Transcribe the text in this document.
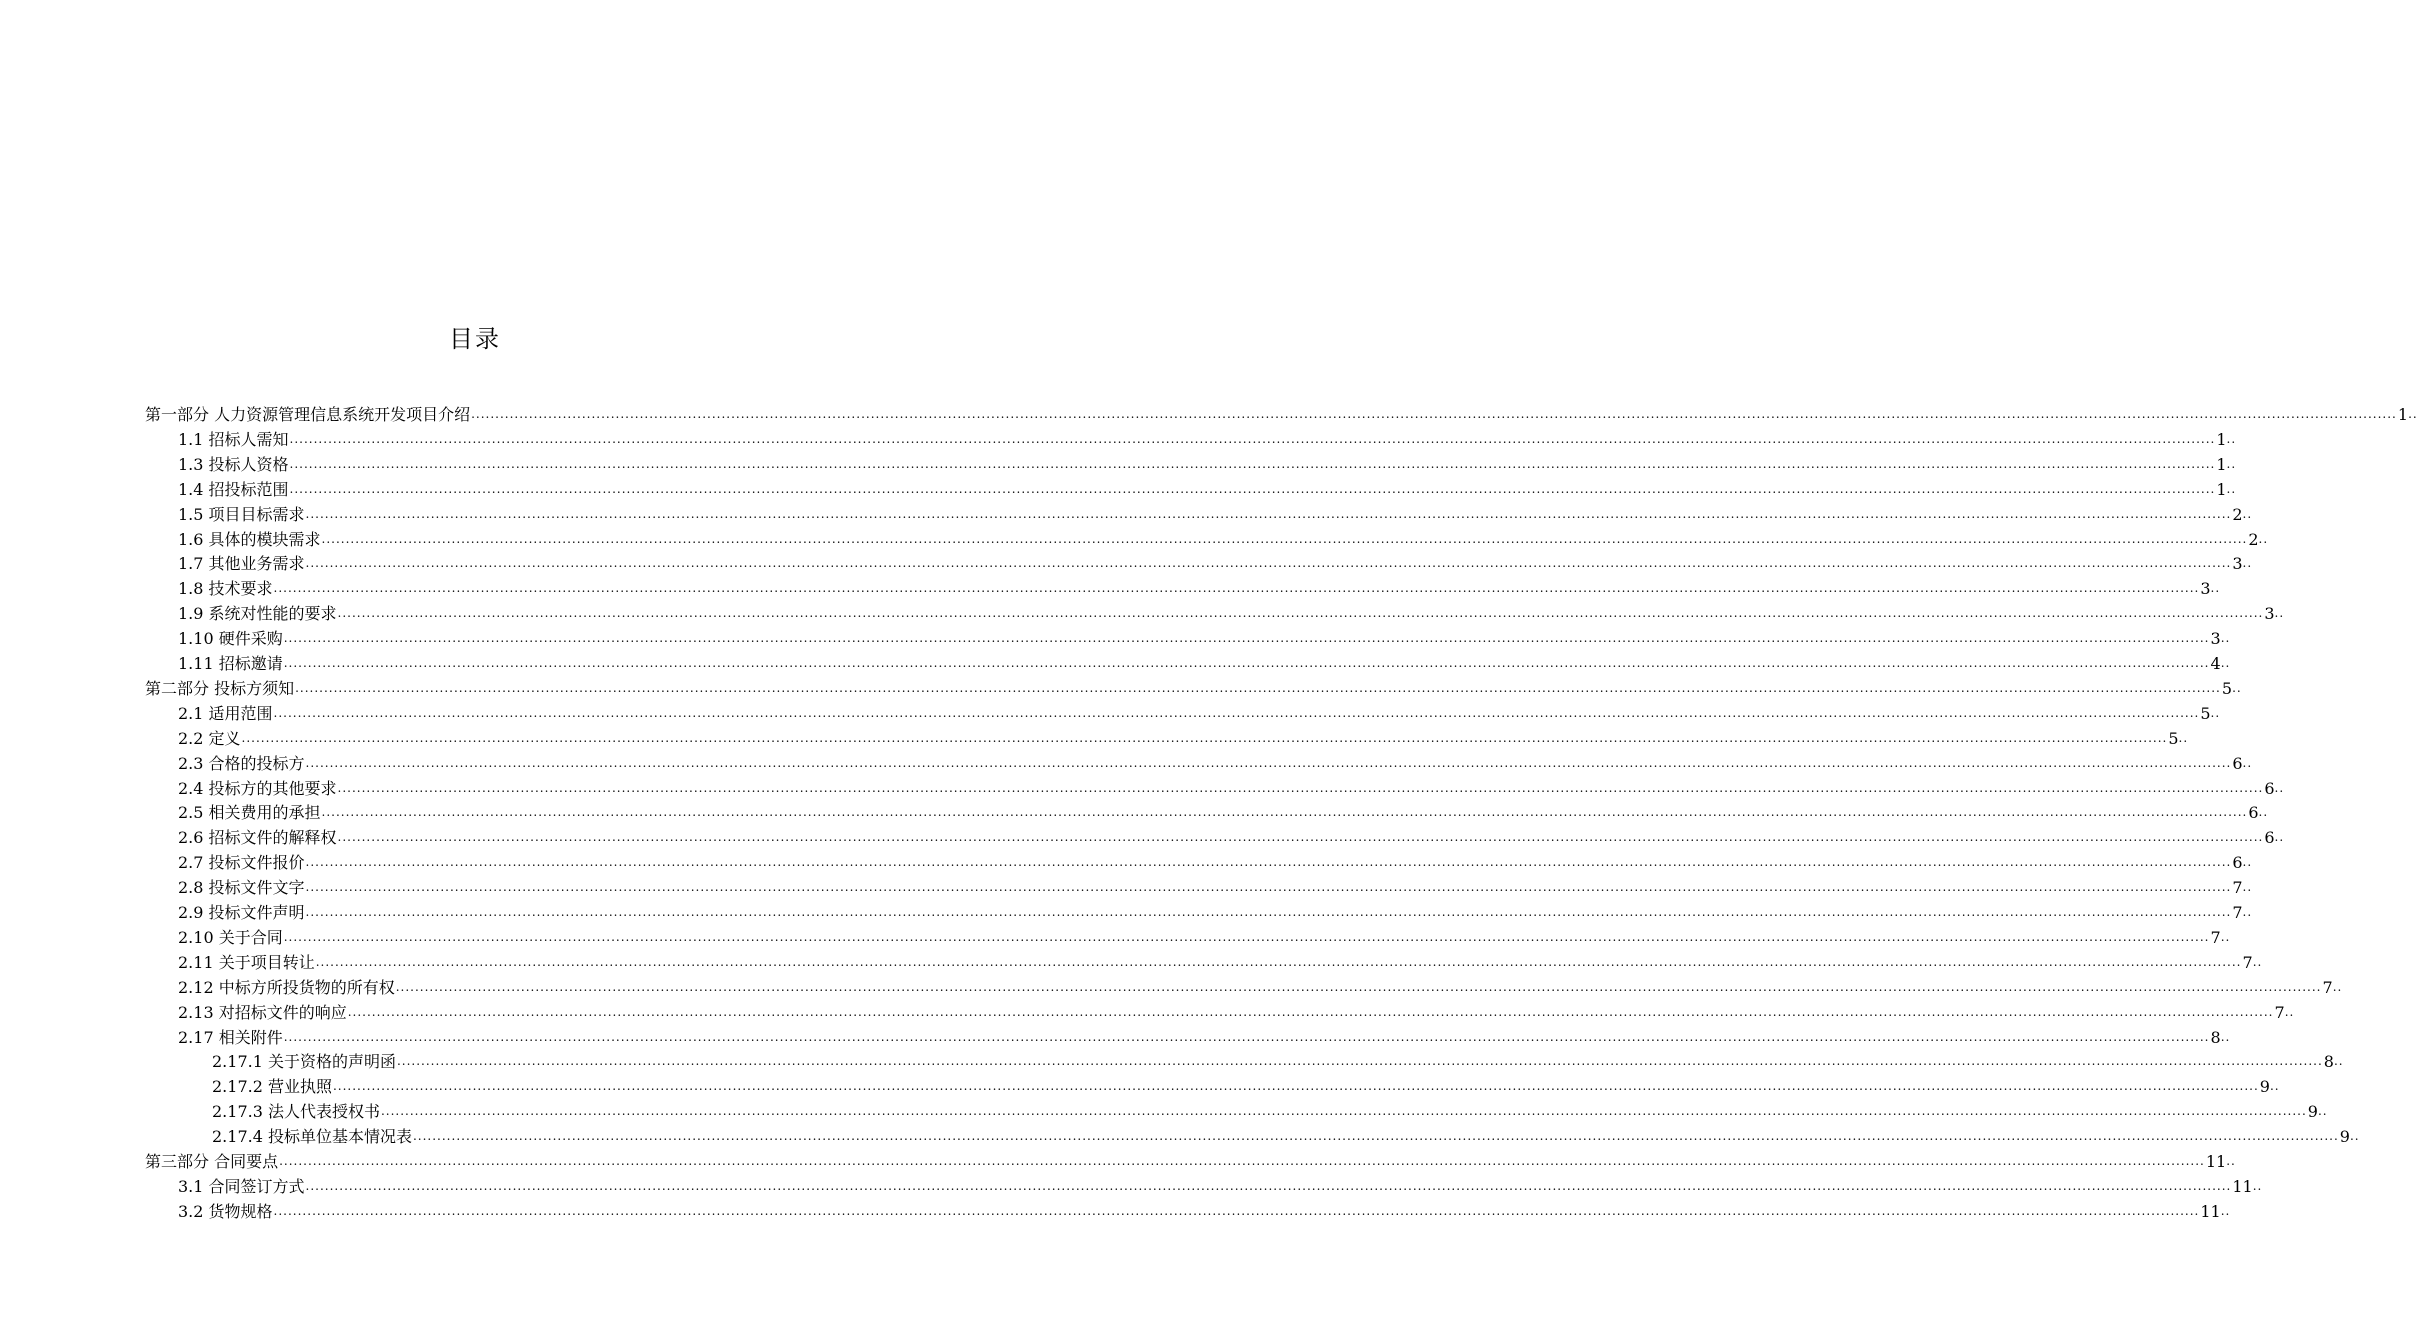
目录
第一部分 人力资源管理信息系统开发项目介绍 ................................................................................................................................................................................................................................................................................................................................................................................................................ 1 ..
1.1 招标人需知 ................................................................................................................................................................................................................................................................................................................................................................................................................ 1 ..
1.3 投标人资格 ................................................................................................................................................................................................................................................................................................................................................................................................................ 1 ..
1.4 招投标范围 ................................................................................................................................................................................................................................................................................................................................................................................................................ 1 ..
1.5 项目目标需求 ................................................................................................................................................................................................................................................................................................................................................................................................................ 2 ..
1.6 具体的模块需求 ................................................................................................................................................................................................................................................................................................................................................................................................................ 2 ..
1.7 其他业务需求 ................................................................................................................................................................................................................................................................................................................................................................................................................ 3 ..
1.8 技术要求 ................................................................................................................................................................................................................................................................................................................................................................................................................ 3 ..
1.9 系统对性能的要求 ................................................................................................................................................................................................................................................................................................................................................................................................................ 3 ..
1.10 硬件采购 ................................................................................................................................................................................................................................................................................................................................................................................................................ 3 ..
1.11 招标邀请 ................................................................................................................................................................................................................................................................................................................................................................................................................ 4 ..
第二部分 投标方须知 ................................................................................................................................................................................................................................................................................................................................................................................................................ 5 ..
2.1 适用范围 ................................................................................................................................................................................................................................................................................................................................................................................................................ 5 ..
2.2 定义 ................................................................................................................................................................................................................................................................................................................................................................................................................ 5 ..
2.3 合格的投标方 ................................................................................................................................................................................................................................................................................................................................................................................................................ 6 ..
2.4 投标方的其他要求 ................................................................................................................................................................................................................................................................................................................................................................................................................ 6 ..
2.5 相关费用的承担 ................................................................................................................................................................................................................................................................................................................................................................................................................ 6 ..
2.6 招标文件的解释权 ................................................................................................................................................................................................................................................................................................................................................................................................................ 6 ..
2.7 投标文件报价 ................................................................................................................................................................................................................................................................................................................................................................................................................ 6 ..
2.8 投标文件文字 ................................................................................................................................................................................................................................................................................................................................................................................................................ 7 ..
2.9 投标文件声明 ................................................................................................................................................................................................................................................................................................................................................................................................................ 7 ..
2.10 关于合同 ................................................................................................................................................................................................................................................................................................................................................................................................................ 7 ..
2.11 关于项目转让 ................................................................................................................................................................................................................................................................................................................................................................................................................ 7 ..
2.12 中标方所投货物的所有权 ................................................................................................................................................................................................................................................................................................................................................................................................................ 7 ..
2.13 对招标文件的响应 ................................................................................................................................................................................................................................................................................................................................................................................................................ 7 ..
2.17 相关附件 ................................................................................................................................................................................................................................................................................................................................................................................................................ 8 ..
2.17.1 关于资格的声明函 ................................................................................................................................................................................................................................................................................................................................................................................................................ 8 ..
2.17.2 营业执照 ................................................................................................................................................................................................................................................................................................................................................................................................................ 9 ..
2.17.3 法人代表授权书 ................................................................................................................................................................................................................................................................................................................................................................................................................ 9 ..
2.17.4 投标单位基本情况表 ................................................................................................................................................................................................................................................................................................................................................................................................................ 9 ..
第三部分 合同要点 ................................................................................................................................................................................................................................................................................................................................................................................................................ 11 ..
3.1 合同签订方式 ................................................................................................................................................................................................................................................................................................................................................................................................................ 11 ..
3.2 货物规格 ................................................................................................................................................................................................................................................................................................................................................................................................................ 11 ..
